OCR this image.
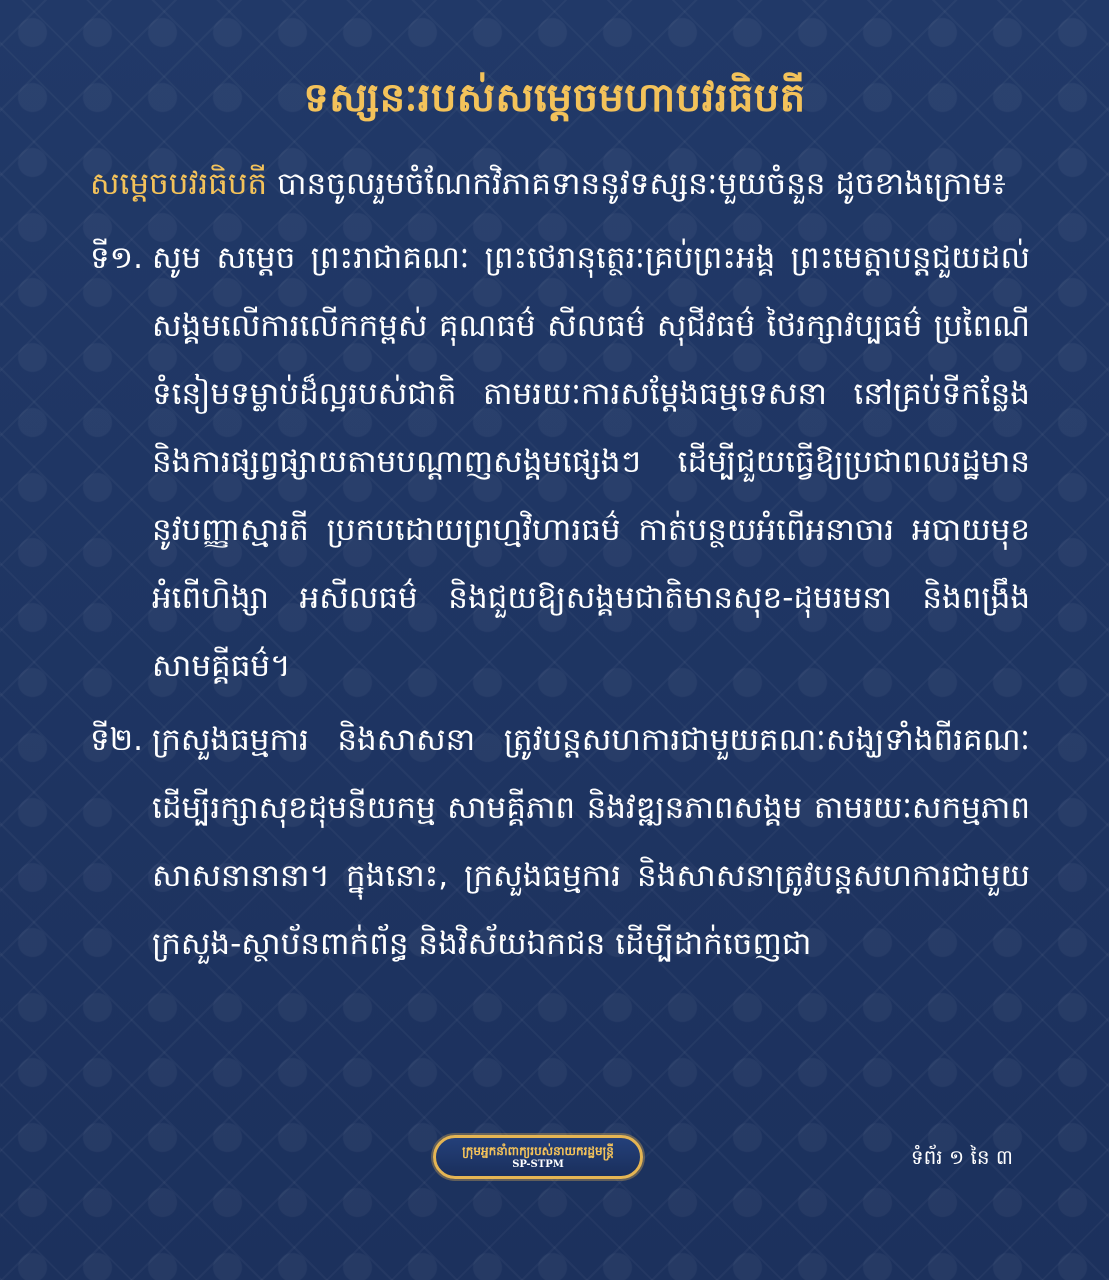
ទស្សនៈរបស់សម្តេចមហាបវរធិបតី

សម្តេចបវរធិបតី បានចូលរួមចំណែកវិភាគទាននូវទស្សនៈមួយចំនួន ដូចខាងក្រោម៖

ទី១. សូម សម្តេច ព្រះរាជាគណៈ ព្រះថេរានុត្ថេរៈគ្រប់ព្រះអង្គ ព្រះមេត្តាបន្តជួយដល់សង្គមលើការលើកកម្ពស់ គុណធម៌ សីលធម៌ សុជីវធម៌ ថៃរក្សាវប្បធម៌ ប្រពៃណីទំនៀមទម្លាប់ដ៏ល្អរបស់ជាតិ តាមរយៈការសម្តែងធម្មទេសនា នៅគ្រប់ទីកន្លែង និងការផ្សព្វផ្សាយតាមបណ្តាញសង្គមផ្សេងៗ ដើម្បីជួយធ្វើឱ្យប្រជាពលរដ្ឋមាននូវបញ្ញាស្មារតី ប្រកបដោយព្រហ្មវិហារធម៌ កាត់បន្ថយអំពើអនាចារ អបាយមុខ អំពើហិង្សា អសីលធម៌ និងជួយឱ្យសង្គមជាតិមានសុខ-ដុមរមនា និងពង្រឹងសាមគ្គីធម៌។
ទី២. ក្រសួងធម្មការ និងសាសនា ត្រូវបន្តសហការជាមួយគណៈសង្ឃទាំងពីរគណៈ ដើម្បីរក្សាសុខដុមនីយកម្ម សាមគ្គីភាព និងវឌ្ឍនភាពសង្គម តាមរយៈសកម្មភាពសាសនានានា។ ក្នុងនោះ, ក្រសួងធម្មការ និងសាសនាត្រូវបន្តសហការជាមួយក្រសួង-ស្ថាប័នពាក់ព័ន្ធ និងវិស័យឯកជន ដើម្បីដាក់ចេញជា
ក្រុមអ្នកនាំពាក្យរបស់នាយករដ្ឋមន្ត្រី
SP-STPM	ទំព័រ ១ នៃ ៣
